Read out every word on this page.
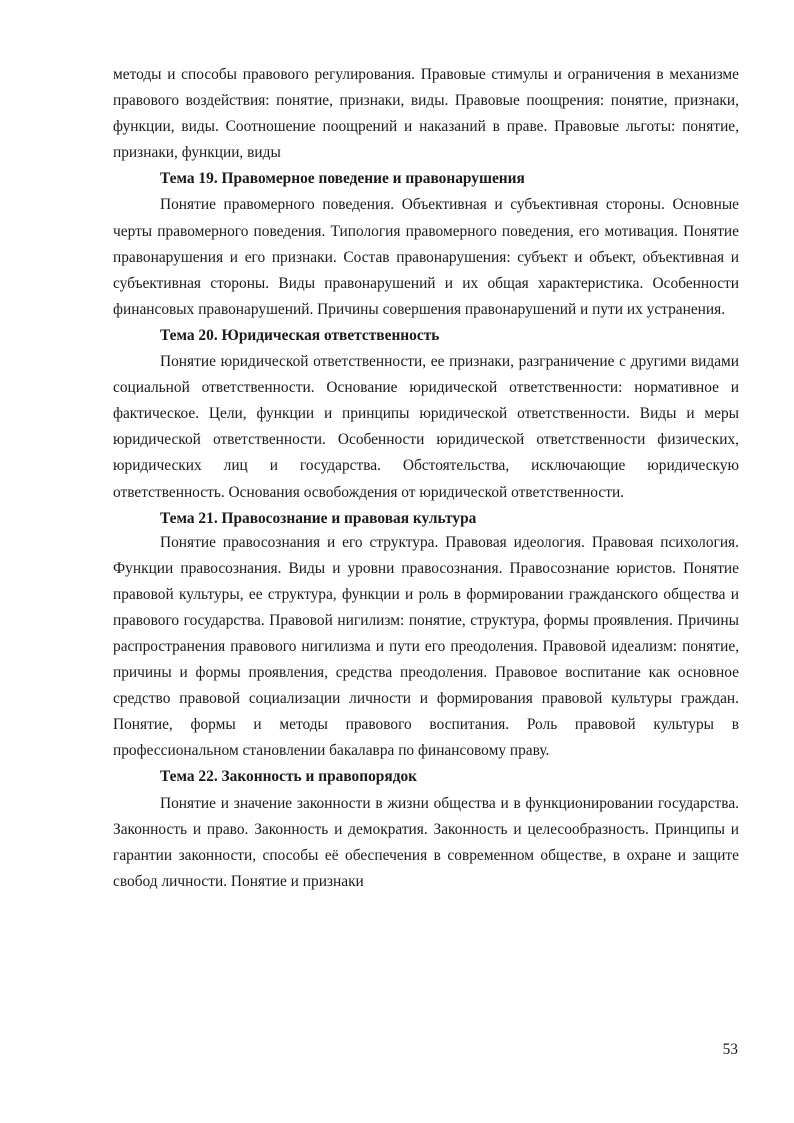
методы и способы правового регулирования. Правовые стимулы и ограничения в механизме правового воздействия: понятие, признаки, виды. Правовые поощрения: понятие, признаки, функции, виды. Соотношение поощрений и наказаний в праве. Правовые льготы: понятие, признаки, функции, виды

Тема 19. Правомерное поведение и правонарушения

Понятие правомерного поведения. Объективная и субъективная стороны. Основные черты правомерного поведения. Типология правомерного поведения, его мотивация. Понятие правонарушения и его признаки. Состав правонарушения: субъект и объект, объективная и субъективная стороны. Виды правонарушений и их общая характеристика. Особенности финансовых правонарушений. Причины совершения правонарушений и пути их устранения.

Тема 20. Юридическая ответственность

Понятие юридической ответственности, ее признаки, разграничение с другими видами социальной ответственности. Основание юридической ответственности: нормативное и фактическое. Цели, функции и принципы юридической ответственности. Виды и меры юридической ответственности. Особенности юридической ответственности физических, юридических лиц и государства. Обстоятельства, исключающие юридическую ответственность. Основания освобождения от юридической ответственности.

Тема 21. Правосознание и правовая культура

Понятие правосознания и его структура. Правовая идеология. Правовая психология. Функции правосознания. Виды и уровни правосознания. Правосознание юристов. Понятие правовой культуры, ее структура, функции и роль в формировании гражданского общества и правового государства. Правовой нигилизм: понятие, структура, формы проявления. Причины распространения правового нигилизма и пути его преодоления. Правовой идеализм: понятие, причины и формы проявления, средства преодоления. Правовое воспитание как основное средство правовой социализации личности и формирования правовой культуры граждан. Понятие, формы и методы правового воспитания. Роль правовой культуры в профессиональном становлении бакалавра по финансовому праву.

Тема 22. Законность и правопорядок

Понятие и значение законности в жизни общества и в функционировании государства. Законность и право. Законность и демократия. Законность и целесообразность. Принципы и гарантии законности, способы её обеспечения в современном обществе, в охране и защите свобод личности. Понятие и признаки

53
